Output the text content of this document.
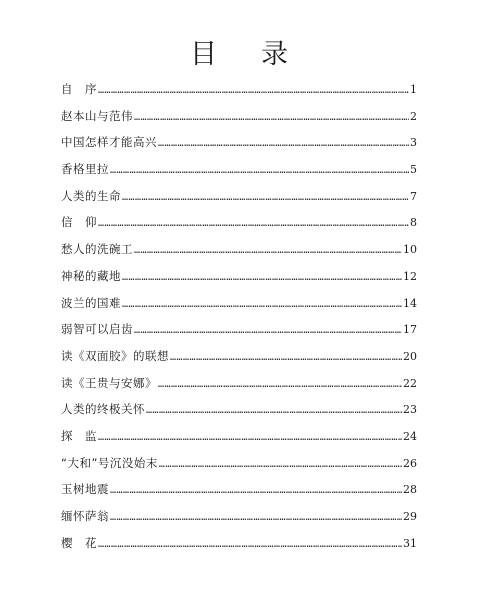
目 录
自　序 ………………………………………………………………………………………………………………………………………………………………………………	1
赵本山与范伟 ………………………………………………………………………………………………………………………………………………………………………………	2
中国怎样才能高兴 ………………………………………………………………………………………………………………………………………………………………………………	3
香格里拉 ………………………………………………………………………………………………………………………………………………………………………………	5
人类的生命 ………………………………………………………………………………………………………………………………………………………………………………	7
信　仰 ………………………………………………………………………………………………………………………………………………………………………………	8
愁人的洗碗工 ………………………………………………………………………………………………………………………………………………………………………………	10
神秘的藏地 ………………………………………………………………………………………………………………………………………………………………………………	12
波兰的国难 ………………………………………………………………………………………………………………………………………………………………………………	14
弱智可以启齿 ………………………………………………………………………………………………………………………………………………………………………………	17
读《双面胶》的联想 ………………………………………………………………………………………………………………………………………………………………………………	20
读《王贵与安娜》 ………………………………………………………………………………………………………………………………………………………………………………	22
人类的终极关怀 ………………………………………………………………………………………………………………………………………………………………………………	23
探　监 ………………………………………………………………………………………………………………………………………………………………………………	24
“大和”号沉没始末 ………………………………………………………………………………………………………………………………………………………………………………	26
玉树地震 ………………………………………………………………………………………………………………………………………………………………………………	28
缅怀萨翁 ………………………………………………………………………………………………………………………………………………………………………………	29
樱　花 ………………………………………………………………………………………………………………………………………………………………………………	31
